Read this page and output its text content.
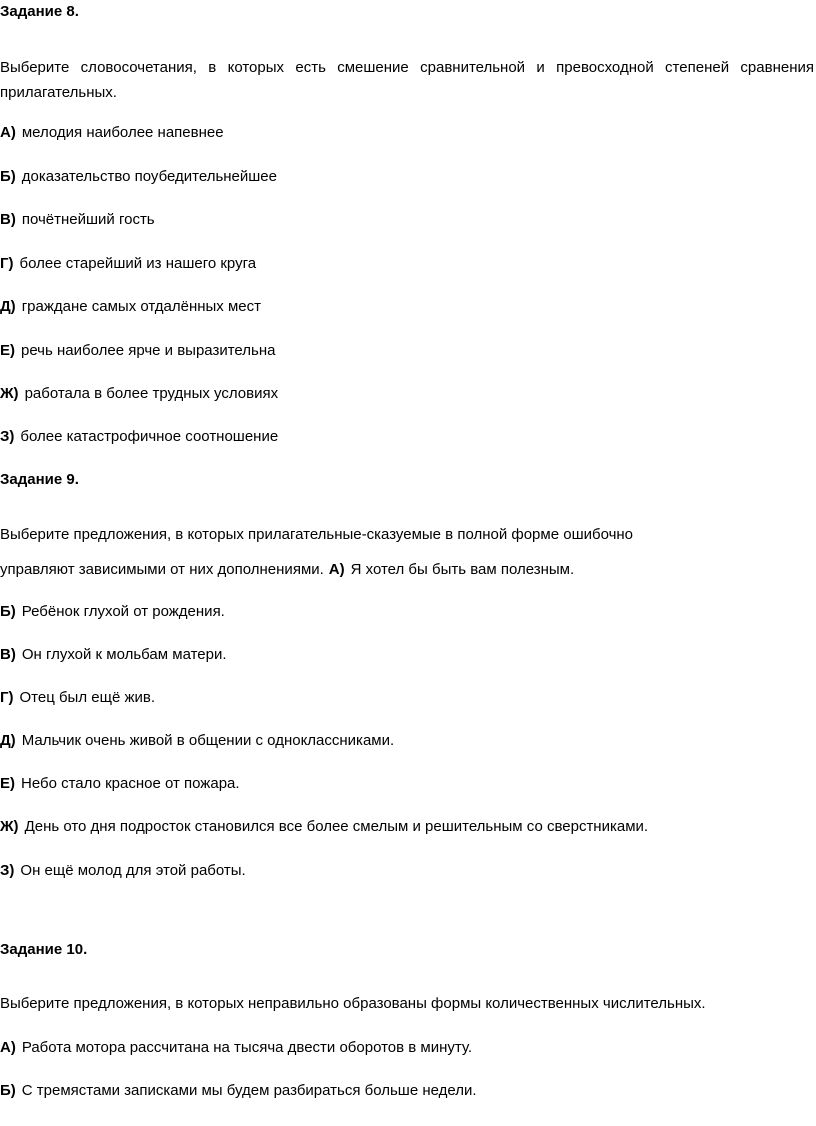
Задание 8.
Выберите словосочетания, в которых есть смешение сравнительной и превосходной степеней сравнения прилагательных.
А) мелодия наиболее напевнее
Б) доказательство поубедительнейшее
В) почётнейший гость
Г) более старейший из нашего круга
Д) граждане самых отдалённых мест
Е) речь наиболее ярче и выразительна
Ж) работала в более трудных условиях
З) более катастрофичное соотношение
Задание 9.
Выберите предложения, в которых прилагательные-сказуемые в полной форме ошибочно
управляют зависимыми от них дополнениями. А) Я хотел бы быть вам полезным.
Б) Ребёнок глухой от рождения.
В) Он глухой к мольбам матери.
Г) Отец был ещё жив.
Д) Мальчик очень живой в общении с одноклассниками.
Е) Небо стало красное от пожара.
Ж) День ото дня подросток становился все более смелым и решительным со сверстниками.
З) Он ещё молод для этой работы.
Задание 10.
Выберите предложения, в которых неправильно образованы формы количественных числительных.
А) Работа мотора рассчитана на тысяча двести оборотов в минуту.
Б) С тремястами записками мы будем разбираться больше недели.
